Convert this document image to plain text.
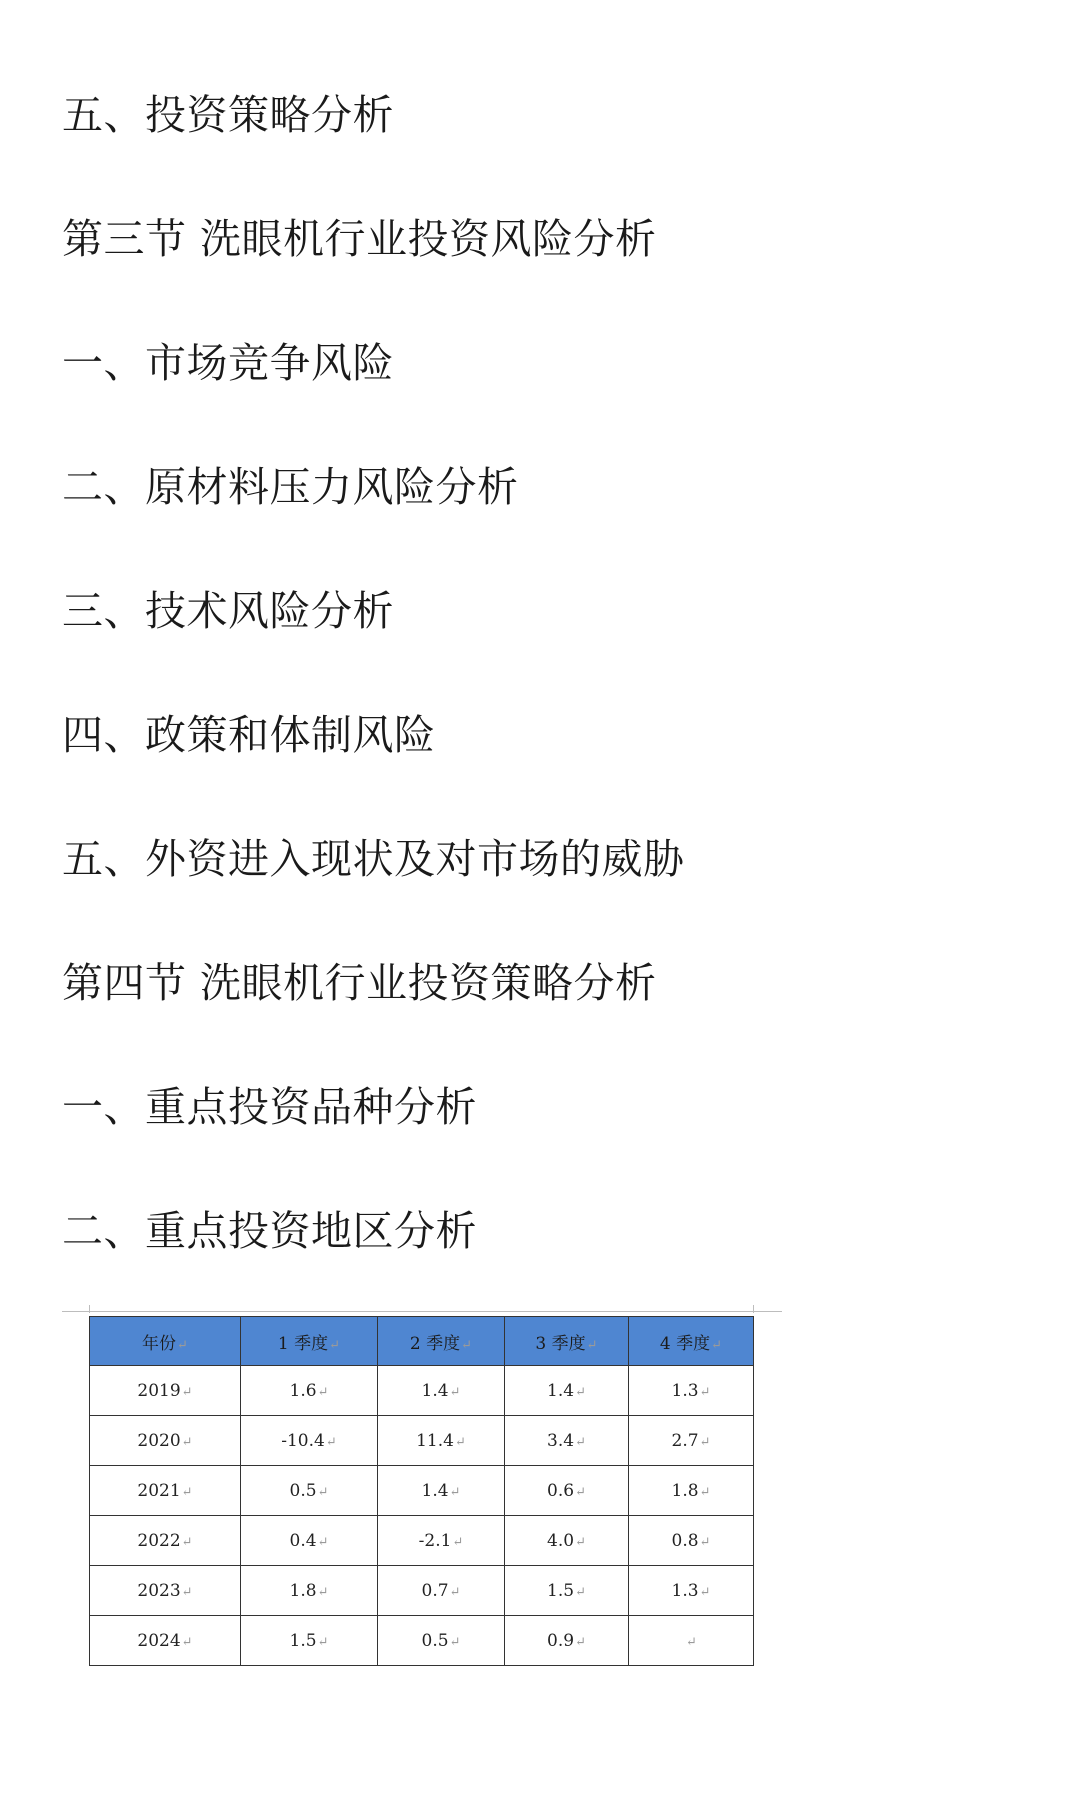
五、投资策略分析
第三节 洗眼机行业投资风险分析
一、市场竞争风险
二、原材料压力风险分析
三、技术风险分析
四、政策和体制风险
五、外资进入现状及对市场的威胁
第四节 洗眼机行业投资策略分析
一、重点投资品种分析
二、重点投资地区分析
年份↵	1 季度↵	2 季度↵	3 季度↵	4 季度↵
2019↵	1.6↵	1.4↵	1.4↵	1.3↵
2020↵	-10.4↵	11.4↵	3.4↵	2.7↵
2021↵	0.5↵	1.4↵	0.6↵	1.8↵
2022↵	0.4↵	-2.1↵	4.0↵	0.8↵
2023↵	1.8↵	0.7↵	1.5↵	1.3↵
2024↵	1.5↵	0.5↵	0.9↵	↵
